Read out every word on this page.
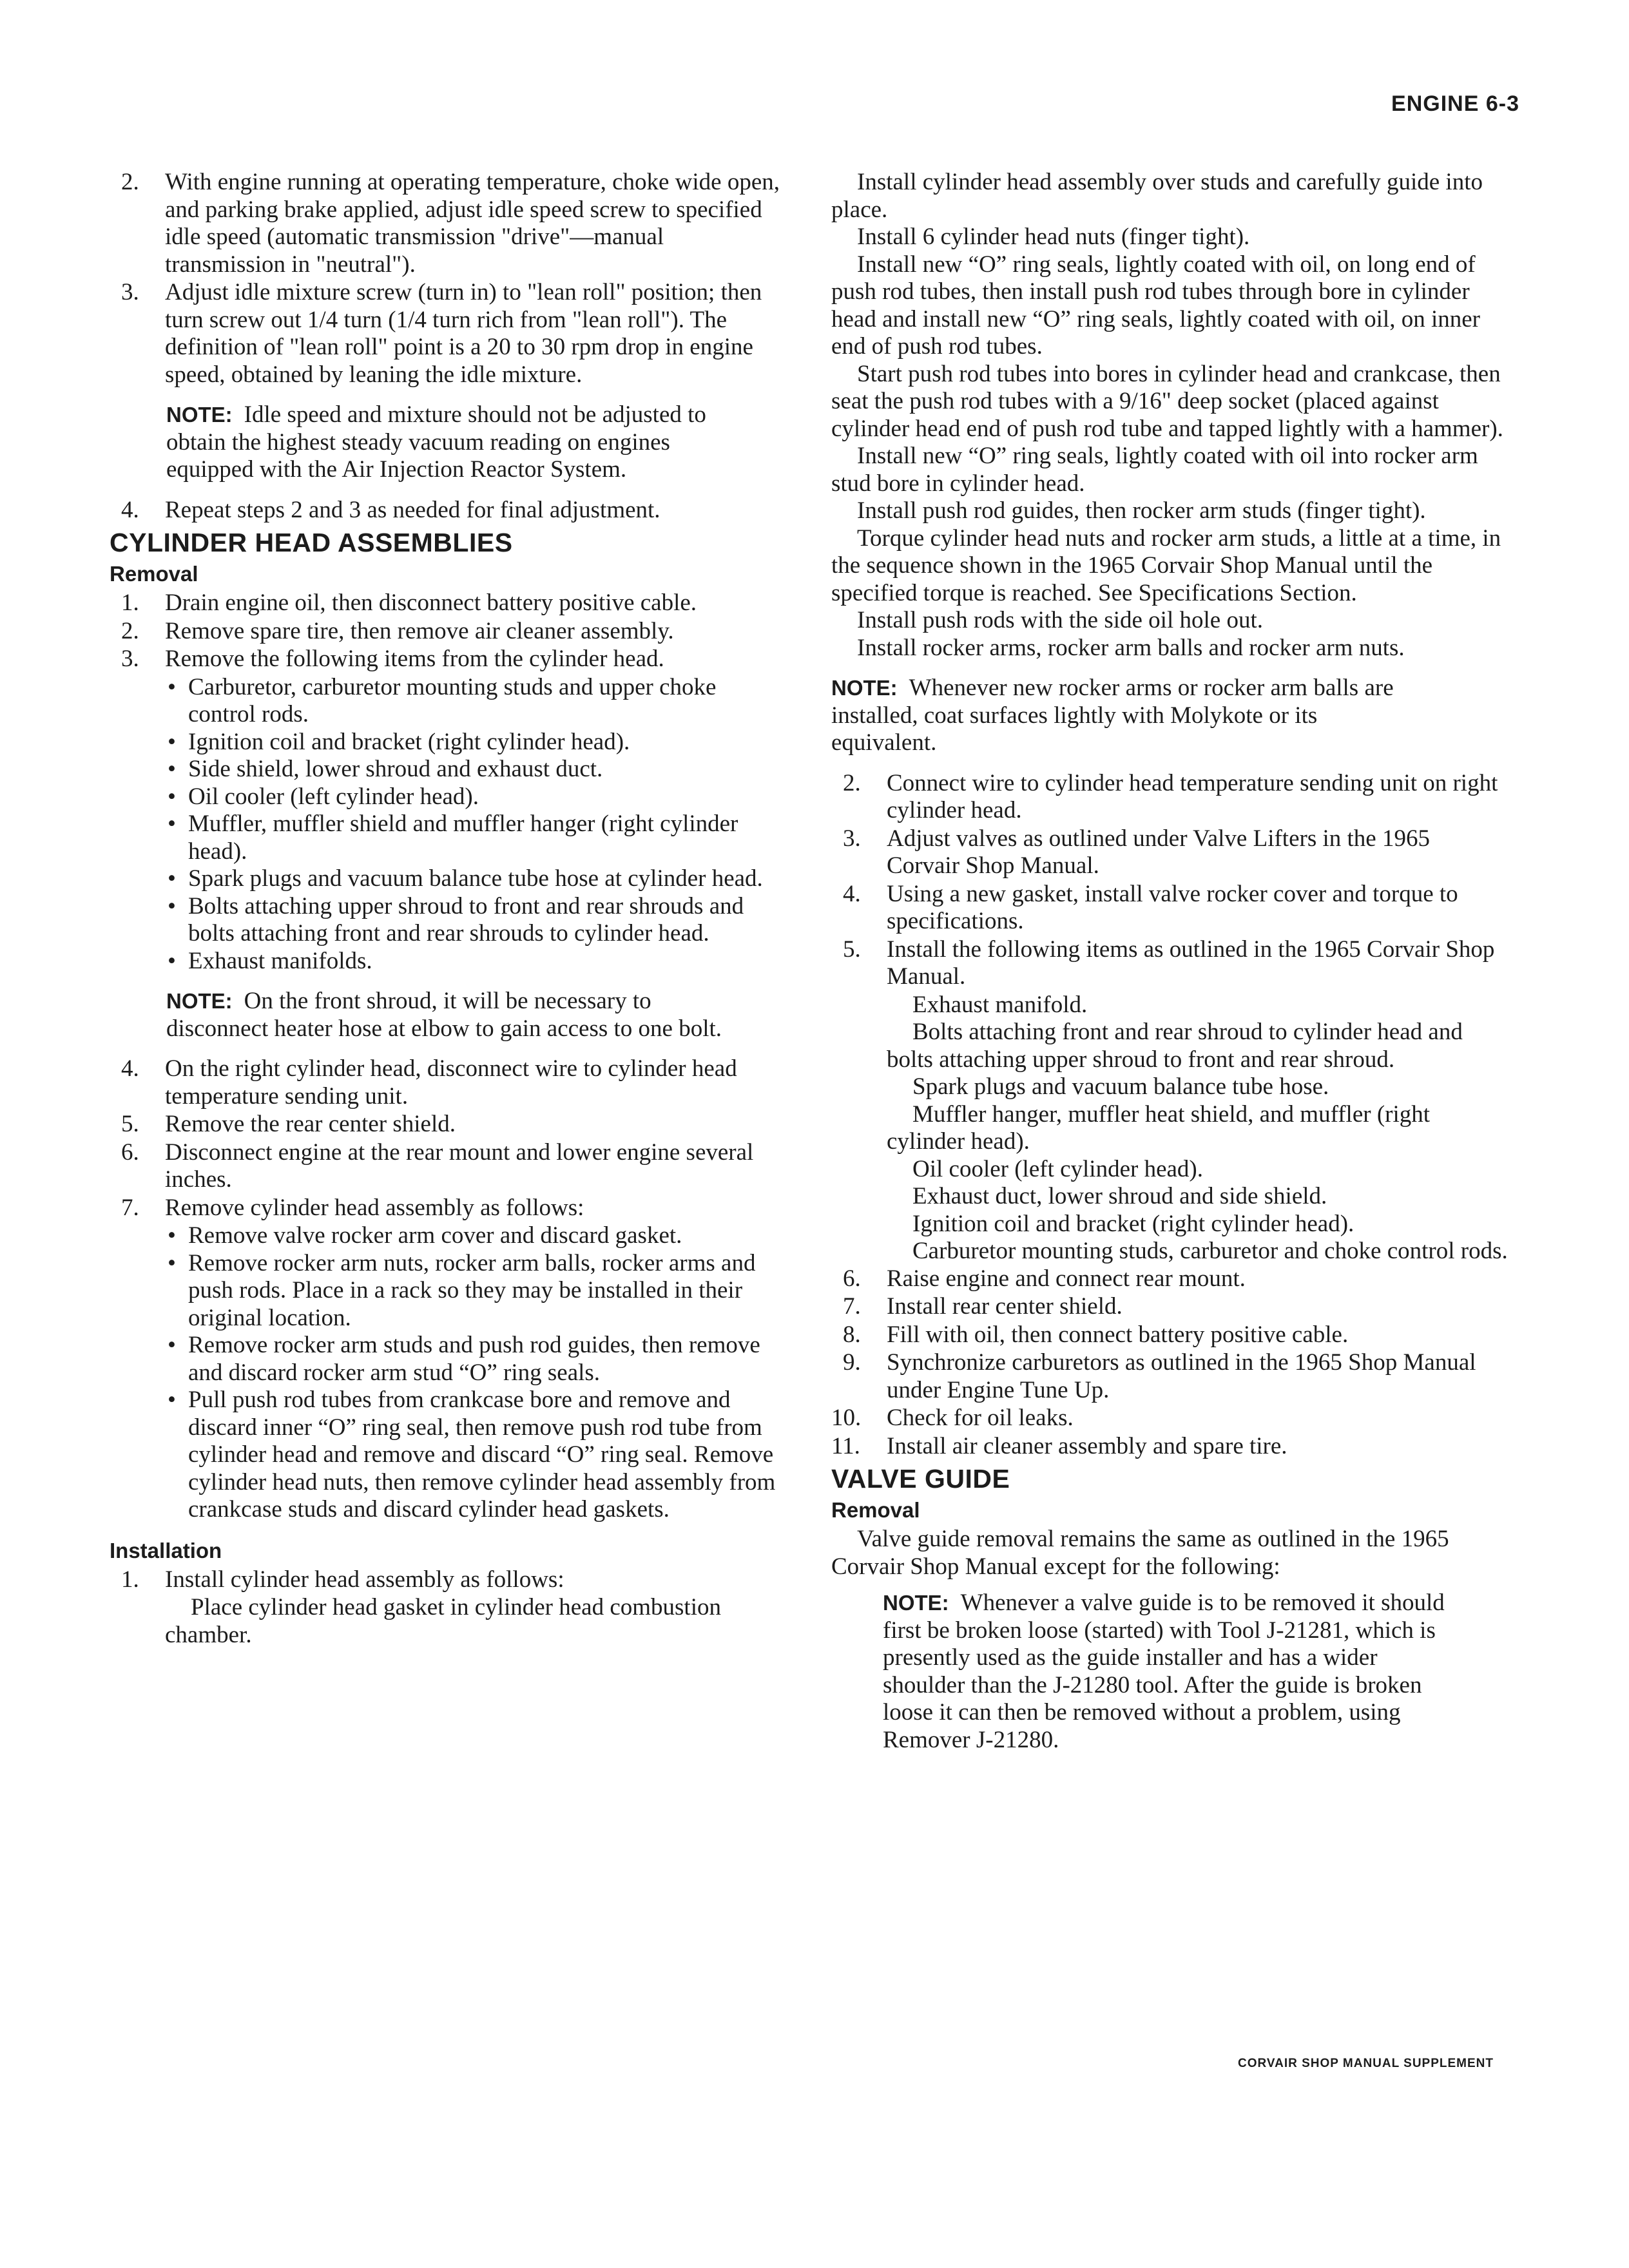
ENGINE 6-3
2. With engine running at operating temperature, choke wide open, and parking brake applied, adjust idle speed screw to specified idle speed (automatic transmission "drive"—manual transmission in "neutral").
3. Adjust idle mixture screw (turn in) to "lean roll" position; then turn screw out 1/4 turn (1/4 turn rich from "lean roll"). The definition of "lean roll" point is a 20 to 30 rpm drop in engine speed, obtained by leaning the idle mixture.
NOTE: Idle speed and mixture should not be adjusted to obtain the highest steady vacuum reading on engines equipped with the Air Injection Reactor System.
4. Repeat steps 2 and 3 as needed for final adjustment.
CYLINDER HEAD ASSEMBLIES
Removal
1. Drain engine oil, then disconnect battery positive cable.
2. Remove spare tire, then remove air cleaner assembly.
3. Remove the following items from the cylinder head.
• Carburetor, carburetor mounting studs and upper choke control rods.
• Ignition coil and bracket (right cylinder head).
• Side shield, lower shroud and exhaust duct.
• Oil cooler (left cylinder head).
• Muffler, muffler shield and muffler hanger (right cylinder head).
• Spark plugs and vacuum balance tube hose at cylinder head.
• Bolts attaching upper shroud to front and rear shrouds and bolts attaching front and rear shrouds to cylinder head.
• Exhaust manifolds.
NOTE: On the front shroud, it will be necessary to disconnect heater hose at elbow to gain access to one bolt.
4. On the right cylinder head, disconnect wire to cylinder head temperature sending unit.
5. Remove the rear center shield.
6. Disconnect engine at the rear mount and lower engine several inches.
7. Remove cylinder head assembly as follows:
• Remove valve rocker arm cover and discard gasket.
• Remove rocker arm nuts, rocker arm balls, rocker arms and push rods. Place in a rack so they may be installed in their original location.
• Remove rocker arm studs and push rod guides, then remove and discard rocker arm stud “O” ring seals.
• Pull push rod tubes from crankcase bore and remove and discard inner “O” ring seal, then remove push rod tube from cylinder head and remove and discard “O” ring seal. Remove cylinder head nuts, then remove cylinder head assembly from crankcase studs and discard cylinder head gaskets.
Installation
1. Install cylinder head assembly as follows:
Place cylinder head gasket in cylinder head combustion chamber.
Install cylinder head assembly over studs and carefully guide into place.
Install 6 cylinder head nuts (finger tight).
Install new “O” ring seals, lightly coated with oil, on long end of push rod tubes, then install push rod tubes through bore in cylinder head and install new “O” ring seals, lightly coated with oil, on inner end of push rod tubes.
Start push rod tubes into bores in cylinder head and crankcase, then seat the push rod tubes with a 9/16" deep socket (placed against cylinder head end of push rod tube and tapped lightly with a hammer).
Install new “O” ring seals, lightly coated with oil into rocker arm stud bore in cylinder head.
Install push rod guides, then rocker arm studs (finger tight).
Torque cylinder head nuts and rocker arm studs, a little at a time, in the sequence shown in the 1965 Corvair Shop Manual until the specified torque is reached. See Specifications Section.
Install push rods with the side oil hole out.
Install rocker arms, rocker arm balls and rocker arm nuts.
NOTE: Whenever new rocker arms or rocker arm balls are installed, coat surfaces lightly with Molykote or its equivalent.
2. Connect wire to cylinder head temperature sending unit on right cylinder head.
3. Adjust valves as outlined under Valve Lifters in the 1965 Corvair Shop Manual.
4. Using a new gasket, install valve rocker cover and torque to specifications.
5. Install the following items as outlined in the 1965 Corvair Shop Manual.
Exhaust manifold.
Bolts attaching front and rear shroud to cylinder head and bolts attaching upper shroud to front and rear shroud.
Spark plugs and vacuum balance tube hose.
Muffler hanger, muffler heat shield, and muffler (right cylinder head).
Oil cooler (left cylinder head).
Exhaust duct, lower shroud and side shield.
Ignition coil and bracket (right cylinder head).
Carburetor mounting studs, carburetor and choke control rods.
6. Raise engine and connect rear mount.
7. Install rear center shield.
8. Fill with oil, then connect battery positive cable.
9. Synchronize carburetors as outlined in the 1965 Shop Manual under Engine Tune Up.
10. Check for oil leaks.
11. Install air cleaner assembly and spare tire.
VALVE GUIDE
Removal
Valve guide removal remains the same as outlined in the 1965 Corvair Shop Manual except for the following:
NOTE: Whenever a valve guide is to be removed it should first be broken loose (started) with Tool J-21281, which is presently used as the guide installer and has a wider shoulder than the J-21280 tool. After the guide is broken loose it can then be removed without a problem, using Remover J-21280.
CORVAIR SHOP MANUAL SUPPLEMENT
